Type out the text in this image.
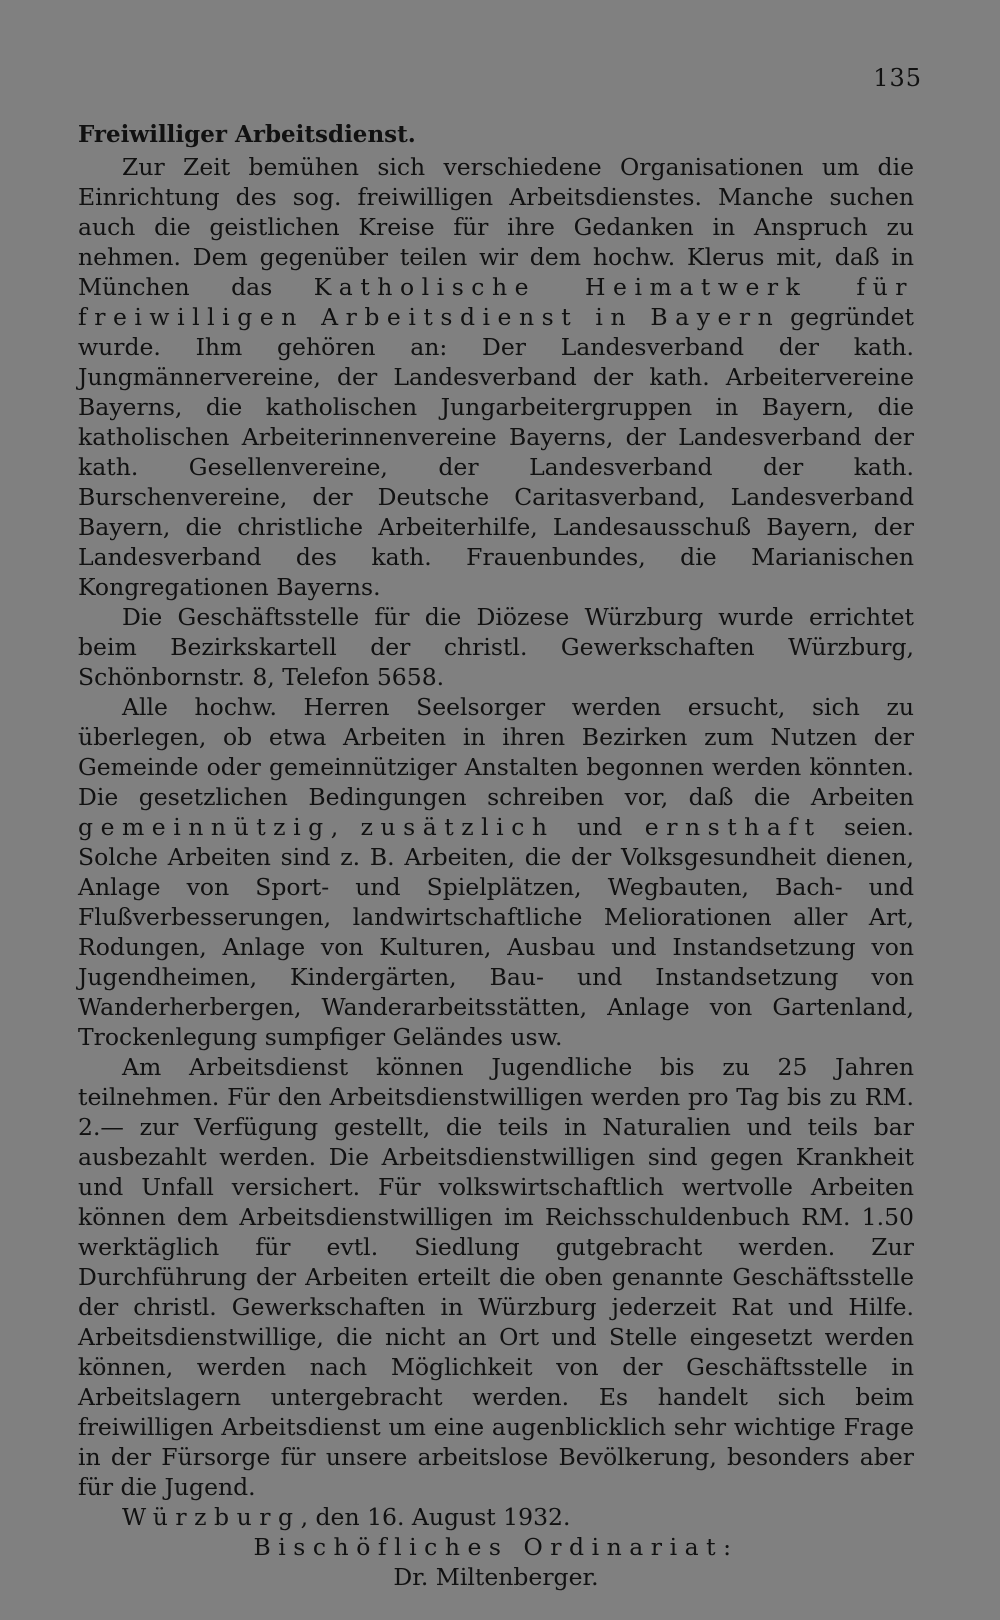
135

Freiwilliger Arbeitsdienst.

Zur Zeit bemühen sich verschiedene Organisationen um die Einrichtung des sog. freiwilligen Arbeitsdienstes. Manche suchen auch die geistlichen Kreise für ihre Gedanken in Anspruch zu nehmen. Dem gegenüber teilen wir dem hochw. Klerus mit, daß in München das Katholische Heimatwerk für freiwilligen Arbeitsdienst in Bayern gegründet wurde. Ihm gehören an: Der Landesverband der kath. Jungmännervereine, der Landesverband der kath. Arbeitervereine Bayerns, die katholischen Jungarbeitergruppen in Bayern, die katholischen Arbeiterinnenvereine Bayerns, der Landesverband der kath. Gesellenvereine, der Landesverband der kath. Burschenvereine, der Deutsche Caritasverband, Landesverband Bayern, die christliche Arbeiterhilfe, Landesausschuß Bayern, der Landesverband des kath. Frauenbundes, die Marianischen Kongregationen Bayerns.

Die Geschäftsstelle für die Diözese Würzburg wurde errichtet beim Bezirkskartell der christl. Gewerkschaften Würzburg, Schönbornstr. 8, Telefon 5658.

Alle hochw. Herren Seelsorger werden ersucht, sich zu überlegen, ob etwa Arbeiten in ihren Bezirken zum Nutzen der Gemeinde oder gemeinnütziger Anstalten begonnen werden könnten. Die gesetzlichen Bedingungen schreiben vor, daß die Arbeiten gemeinnützig, zusätzlich und ernsthaft seien. Solche Arbeiten sind z. B. Arbeiten, die der Volksgesundheit dienen, Anlage von Sport- und Spielplätzen, Wegbauten, Bach- und Flußverbesserungen, landwirtschaftliche Meliorationen aller Art, Rodungen, Anlage von Kulturen, Ausbau und Instandsetzung von Jugendheimen, Kindergärten, Bau- und Instandsetzung von Wanderherbergen, Wanderarbeitsstätten, Anlage von Gartenland, Trockenlegung sumpfiger Geländes usw.

Am Arbeitsdienst können Jugendliche bis zu 25 Jahren teilnehmen. Für den Arbeitsdienstwilligen werden pro Tag bis zu RM. 2.— zur Verfügung gestellt, die teils in Naturalien und teils bar ausbezahlt werden. Die Arbeitsdienstwilligen sind gegen Krankheit und Unfall versichert. Für volkswirtschaftlich wertvolle Arbeiten können dem Arbeitsdienstwilligen im Reichsschuldenbuch RM. 1.50 werktäglich für evtl. Siedlung gutgebracht werden. Zur Durchführung der Arbeiten erteilt die oben genannte Geschäftsstelle der christl. Gewerkschaften in Würzburg jederzeit Rat und Hilfe. Arbeitsdienstwillige, die nicht an Ort und Stelle eingesetzt werden können, werden nach Möglichkeit von der Geschäftsstelle in Arbeitslagern untergebracht werden. Es handelt sich beim freiwilligen Arbeitsdienst um eine augenblicklich sehr wichtige Frage in der Fürsorge für unsere arbeitslose Bevölkerung, besonders aber für die Jugend.

Würzburg, den 16. August 1932.

Bischöfliches Ordinariat:

Dr. Miltenberger.
